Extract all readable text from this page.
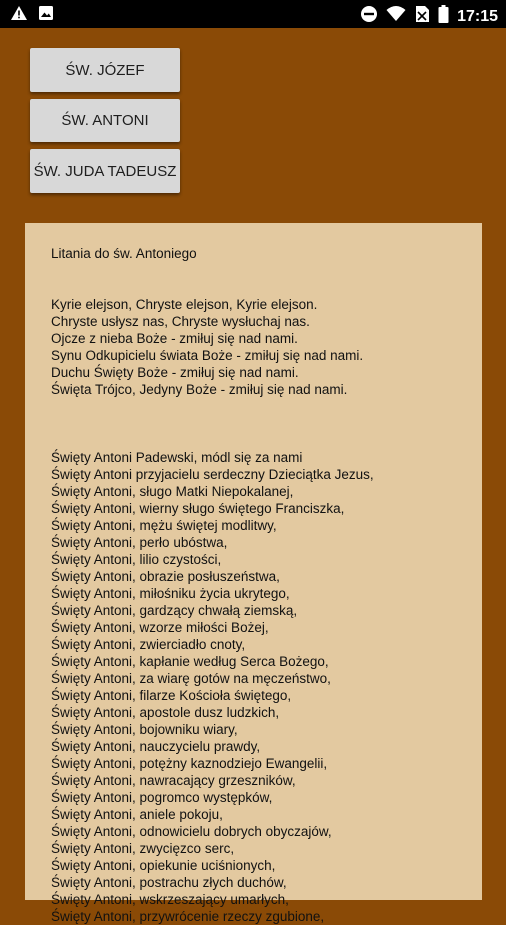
17:15
ŚW. JÓZEF
ŚW. ANTONI
ŚW. JUDA TADEUSZ
Litania do św. Antoniego
Kyrie elejson, Chryste elejson, Kyrie elejson.
Chryste usłysz nas, Chryste wysłuchaj nas.
Ojcze z nieba Boże - zmiłuj się nad nami.
Synu Odkupicielu świata Boże - zmiłuj się nad nami.
Duchu Święty Boże - zmiłuj się nad nami.
Święta Trójco, Jedyny Boże - zmiłuj się nad nami.
Święty Antoni Padewski, módl się za nami
Święty Antoni przyjacielu serdeczny Dzieciątka Jezus,
Święty Antoni, sługo Matki Niepokalanej,
Święty Antoni, wierny sługo świętego Franciszka,
Święty Antoni, mężu świętej modlitwy,
Święty Antoni, perło ubóstwa,
Święty Antoni, lilio czystości,
Święty Antoni, obrazie posłuszeństwa,
Święty Antoni, miłośniku życia ukrytego,
Święty Antoni, gardzący chwałą ziemską,
Święty Antoni, wzorze miłości Bożej,
Święty Antoni, zwierciadło cnoty,
Święty Antoni, kapłanie według Serca Bożego,
Święty Antoni, za wiarę gotów na męczeństwo,
Święty Antoni, filarze Kościoła świętego,
Święty Antoni, apostole dusz ludzkich,
Święty Antoni, bojowniku wiary,
Święty Antoni, nauczycielu prawdy,
Święty Antoni, potężny kaznodziejo Ewangelii,
Święty Antoni, nawracający grzeszników,
Święty Antoni, pogromco występków,
Święty Antoni, aniele pokoju,
Święty Antoni, odnowicielu dobrych obyczajów,
Święty Antoni, zwycięzco serc,
Święty Antoni, opiekunie uciśnionych,
Święty Antoni, postrachu złych duchów,
Święty Antoni, wskrzeszający umarłych,
Święty Antoni, przywrócenie rzeczy zgubione,
